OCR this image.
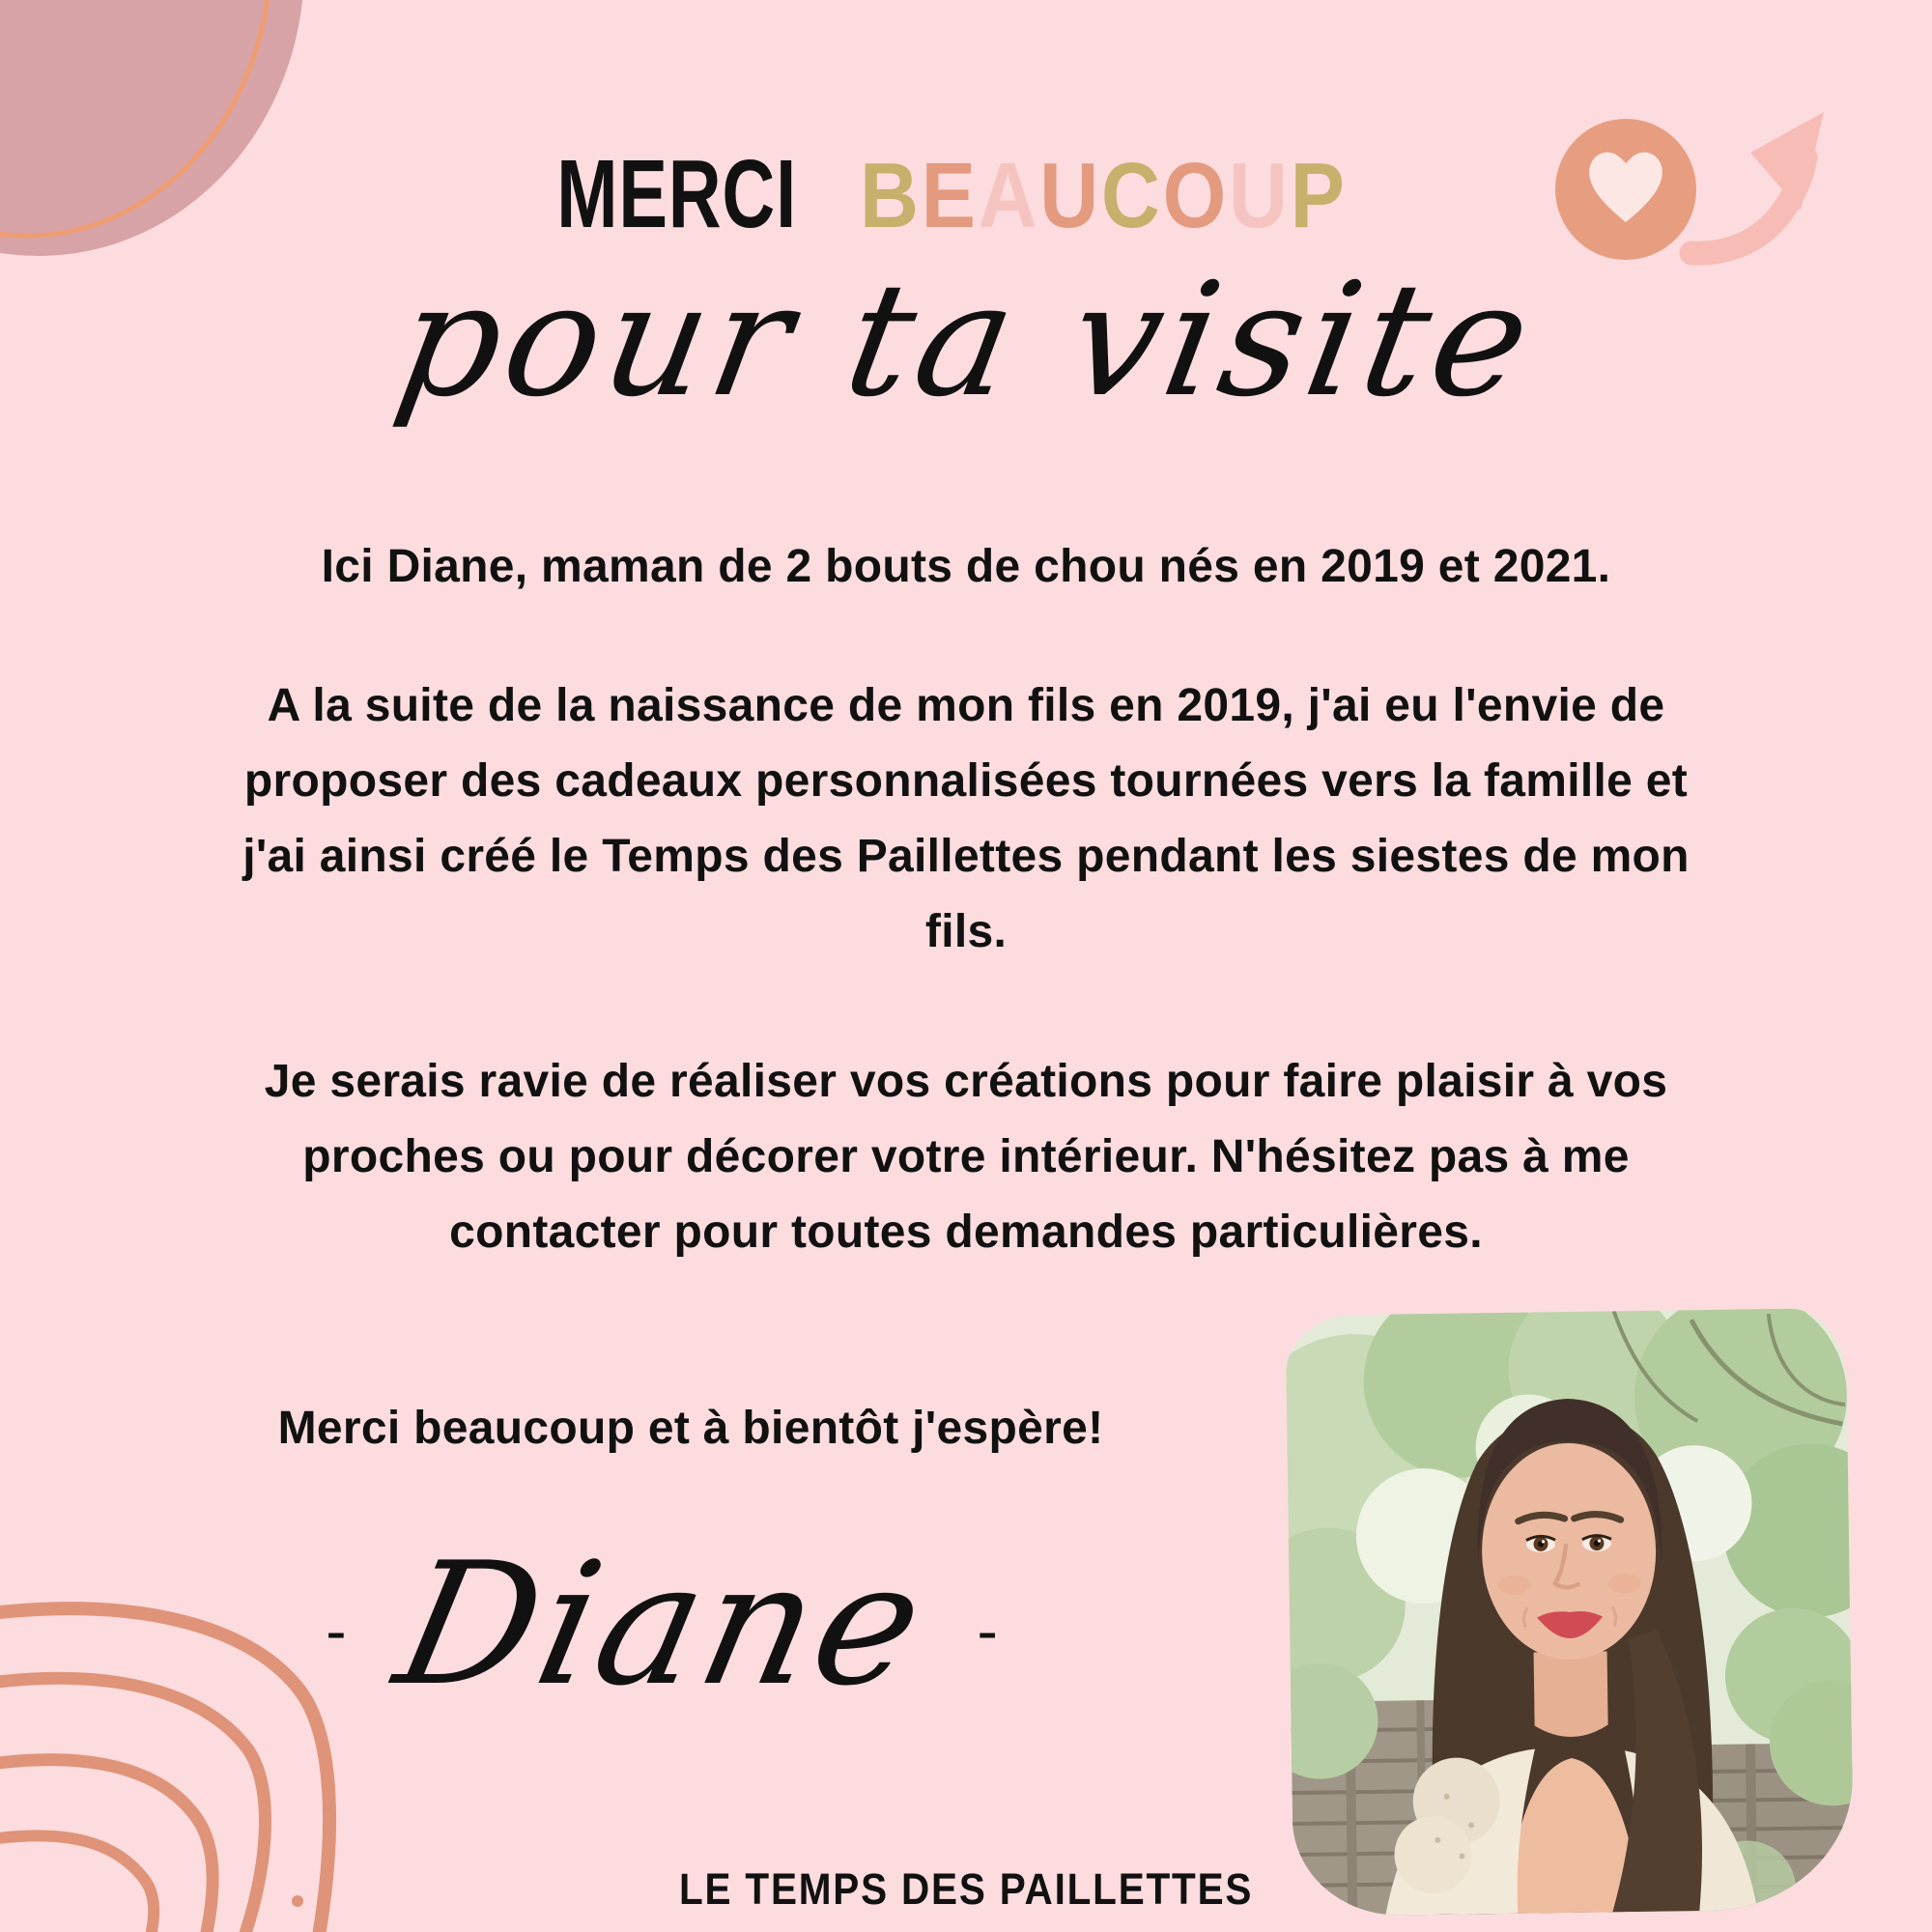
MERCI BEAUCOUP
pour ta visite
Ici Diane, maman de 2 bouts de chou nés en 2019 et 2021.
A la suite de la naissance de mon fils en 2019, j'ai eu l'envie de
proposer des cadeaux personnalisées tournées vers la famille et
j'ai ainsi créé le Temps des Paillettes pendant les siestes de mon
fils.
Je serais ravie de réaliser vos créations pour faire plaisir à vos
proches ou pour décorer votre intérieur. N'hésitez pas à me
contacter pour toutes demandes particulières.
Merci beaucoup et à bientôt j'espère!
- Diane -
LE TEMPS DES PAILLETTES
